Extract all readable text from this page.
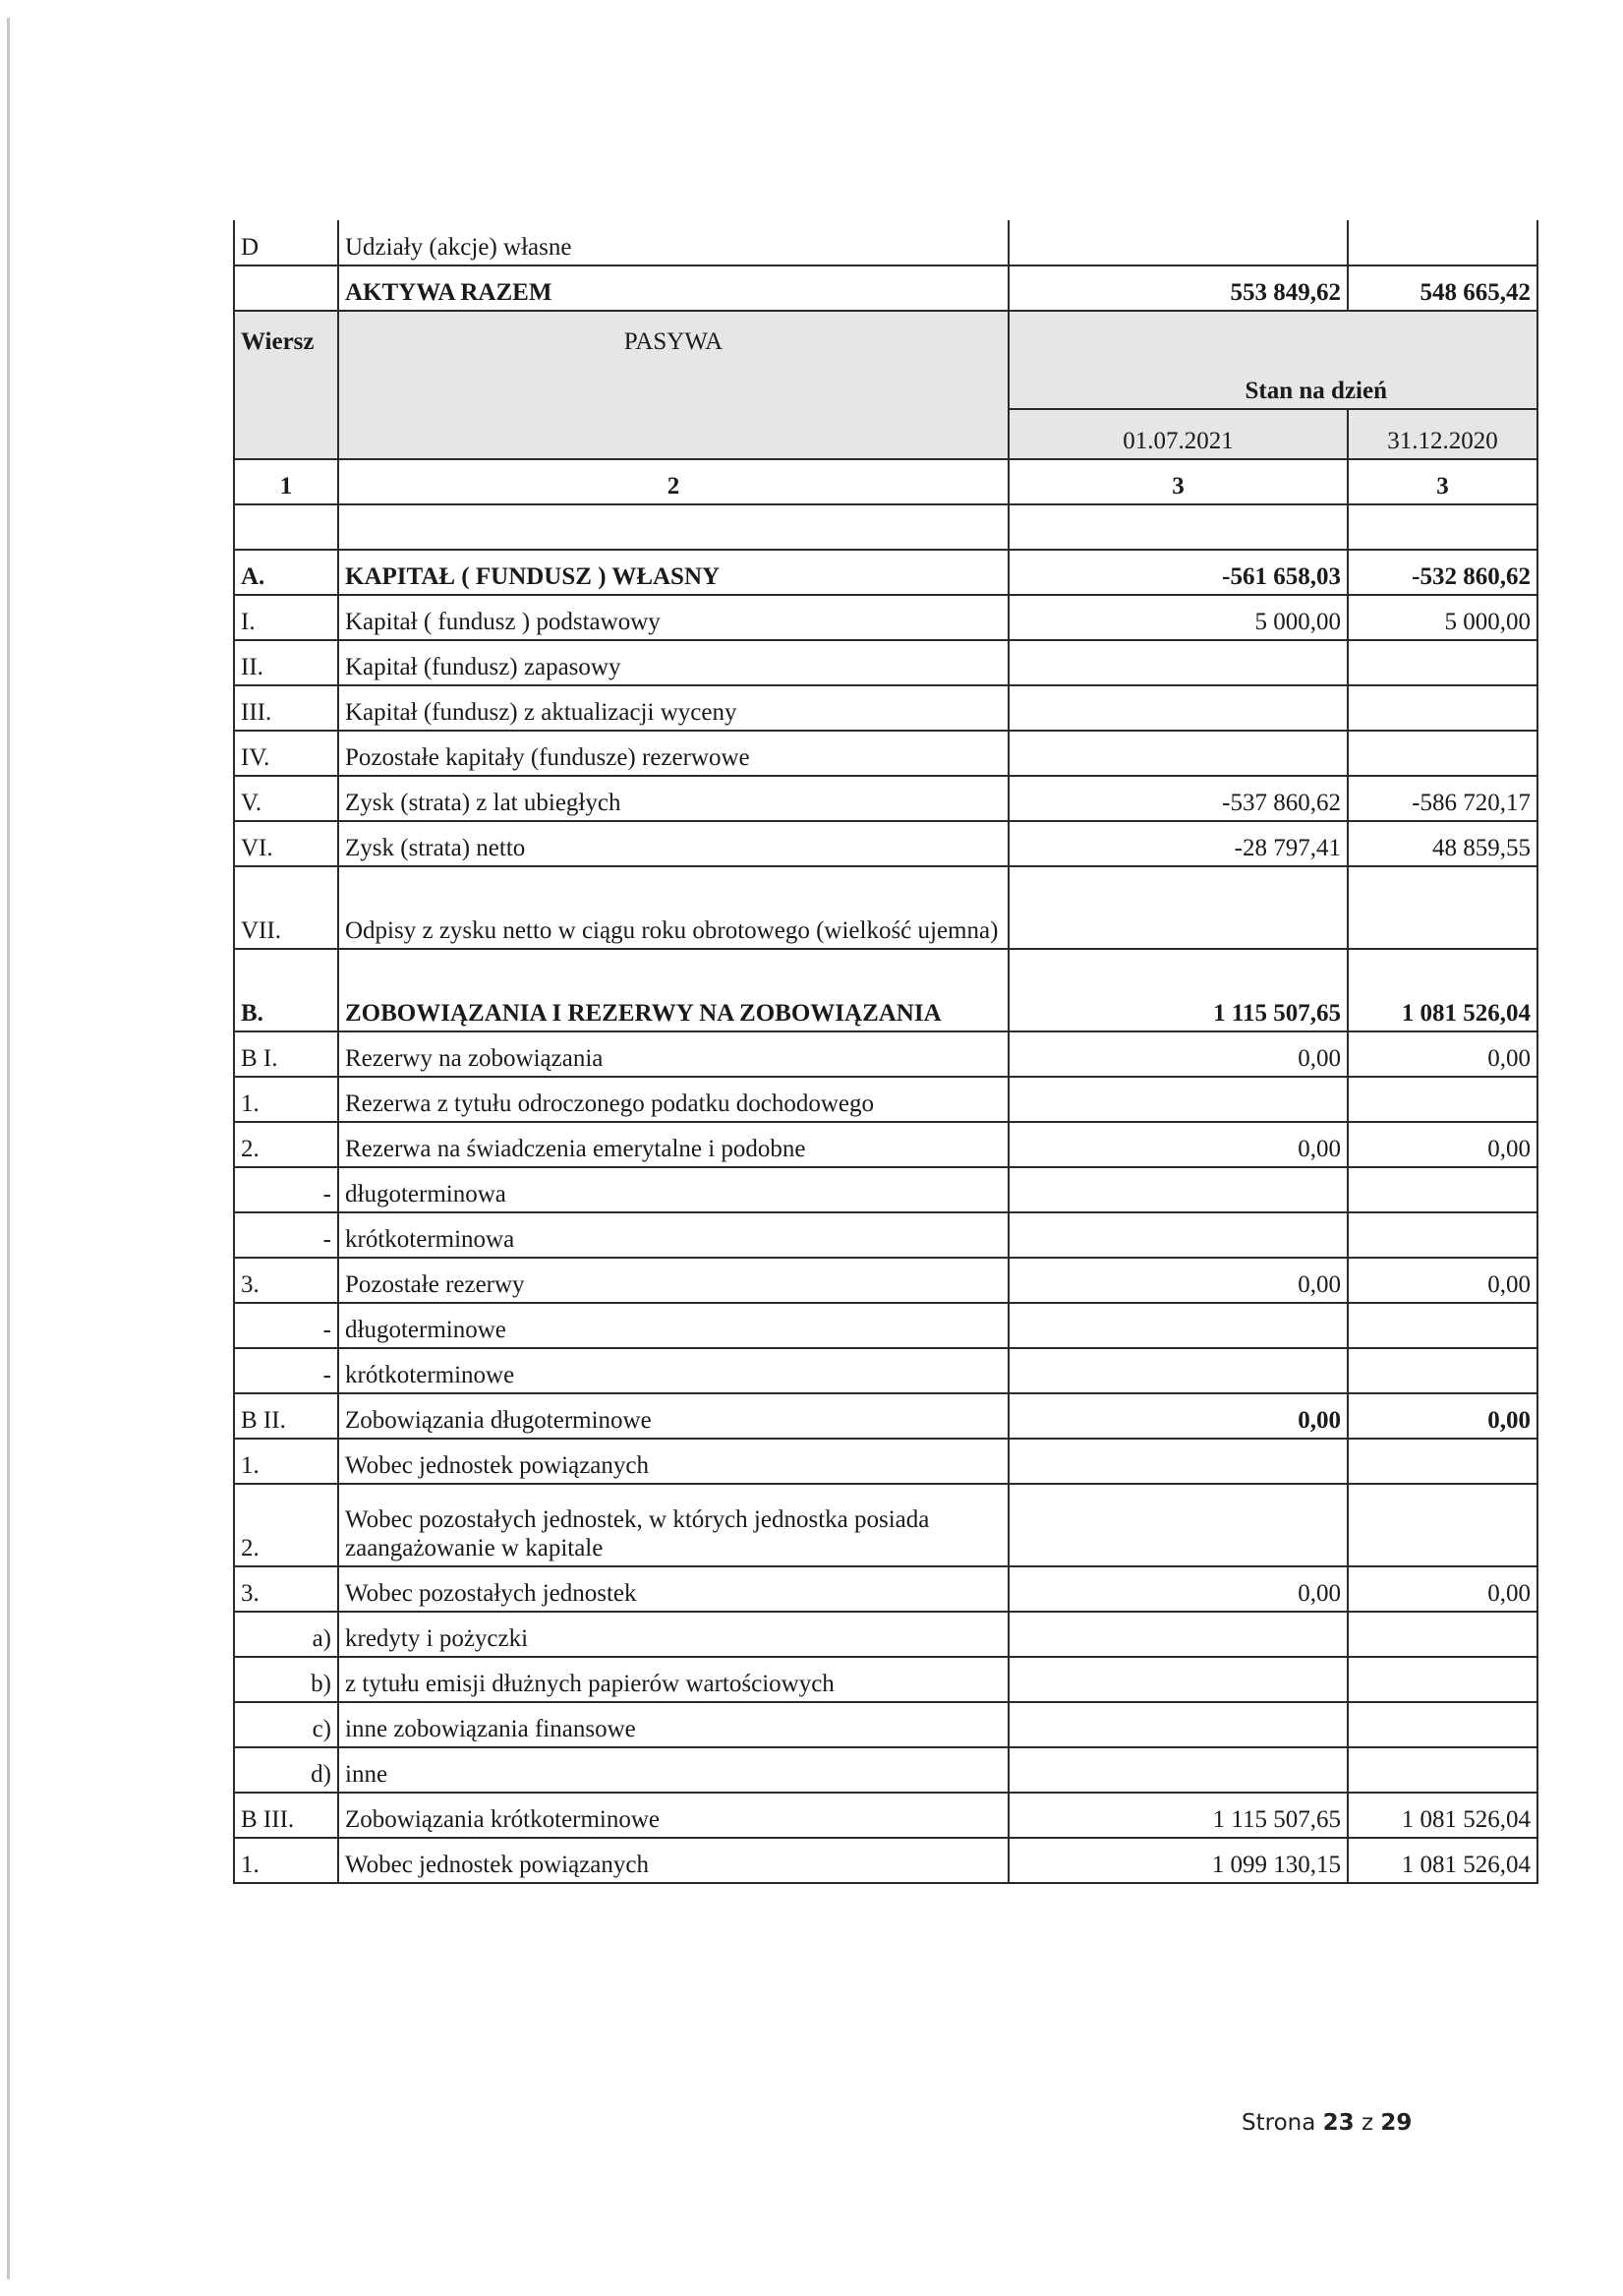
D	Udziały (akcje) własne		
	AKTYWA RAZEM	553 849,62	548 665,42
Wiersz	PASYWA	Stan na dzień	
		01.07.2021	31.12.2020
1	2	3	3

A.	KAPITAŁ ( FUNDUSZ ) WŁASNY	-561 658,03	-532 860,62
I.	Kapitał ( fundusz ) podstawowy	5 000,00	5 000,00
II.	Kapitał (fundusz) zapasowy		
III.	Kapitał (fundusz) z aktualizacji wyceny		
IV.	Pozostałe kapitały (fundusze) rezerwowe		
V.	Zysk (strata) z lat ubiegłych	-537 860,62	-586 720,17
VI.	Zysk (strata) netto	-28 797,41	48 859,55
VII.	Odpisy z zysku netto w ciągu roku obrotowego (wielkość ujemna)		
B.	ZOBOWIĄZANIA I REZERWY NA ZOBOWIĄZANIA	1 115 507,65	1 081 526,04
B I.	Rezerwy na zobowiązania	0,00	0,00
1.	Rezerwa z tytułu odroczonego podatku dochodowego		
2.	Rezerwa na świadczenia emerytalne i podobne	0,00	0,00
-	długoterminowa		
-	krótkoterminowa		
3.	Pozostałe rezerwy	0,00	0,00
-	długoterminowe		
-	krótkoterminowe		
B II.	Zobowiązania długoterminowe	0,00	0,00
1.	Wobec jednostek powiązanych		
2.	Wobec pozostałych jednostek, w których jednostka posiada zaangażowanie w kapitale		
3.	Wobec pozostałych jednostek	0,00	0,00
a)	kredyty i pożyczki		
b)	z tytułu emisji dłużnych papierów wartościowych		
c)	inne zobowiązania finansowe		
d)	inne		
B III.	Zobowiązania krótkoterminowe	1 115 507,65	1 081 526,04
1.	Wobec jednostek powiązanych	1 099 130,15	1 081 526,04
Strona 23 z 29
